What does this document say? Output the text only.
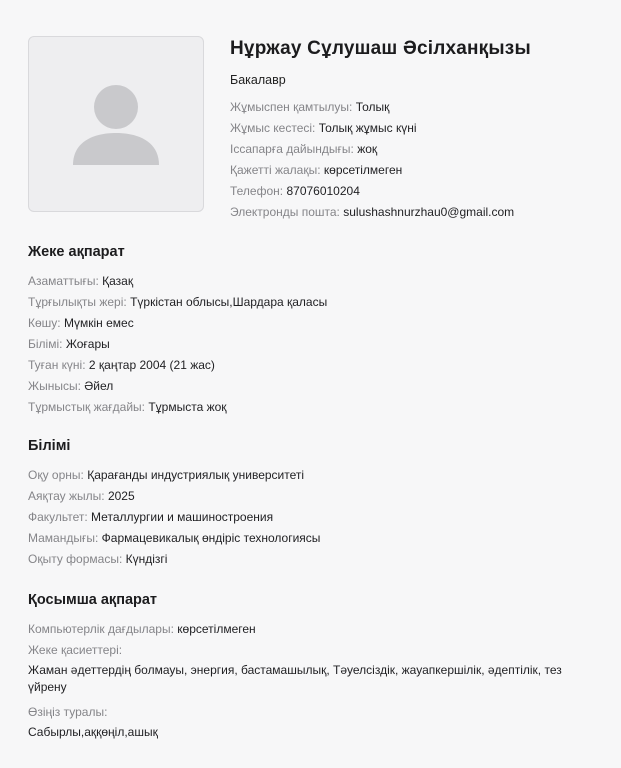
Нұржау Сұлушаш Әсілханқызы
Бакалавр
Жұмыспен қамтылуы: Толық
Жұмыс кестесі: Толық жұмыс күні
Іссапарға дайындығы: жоқ
Қажетті жалақы: көрсетілмеген
Телефон: 87076010204
Электронды пошта: sulushashnurzhau0@gmail.com
Жеке ақпарат
Азаматтығы: Қазақ
Тұрғылықты жері: Түркістан облысы,Шардара қаласы
Көшу: Мүмкін емес
Білімі: Жоғары
Туған күні: 2 қаңтар 2004 (21 жас)
Жынысы: Әйел
Тұрмыстық жағдайы: Тұрмыста жоқ
Білімі
Оқу орны: Қарағанды индустриялық университеті
Аяқтау жылы: 2025
Факультет: Металлургии и машиностроения
Мамандығы: Фармацевикалық өндіріс технологиясы
Оқыту формасы: Күндізгі
Қосымша ақпарат
Компьютерлік дағдылары: көрсетілмеген
Жеке қасиеттері:
Жаман әдеттердің болмауы, энергия, бастамашылық, Тәуелсіздік, жауапкершілік, әдептілік, тез үйрену
Өзіңіз туралы:
Сабырлы,аққөңіл,ашық
